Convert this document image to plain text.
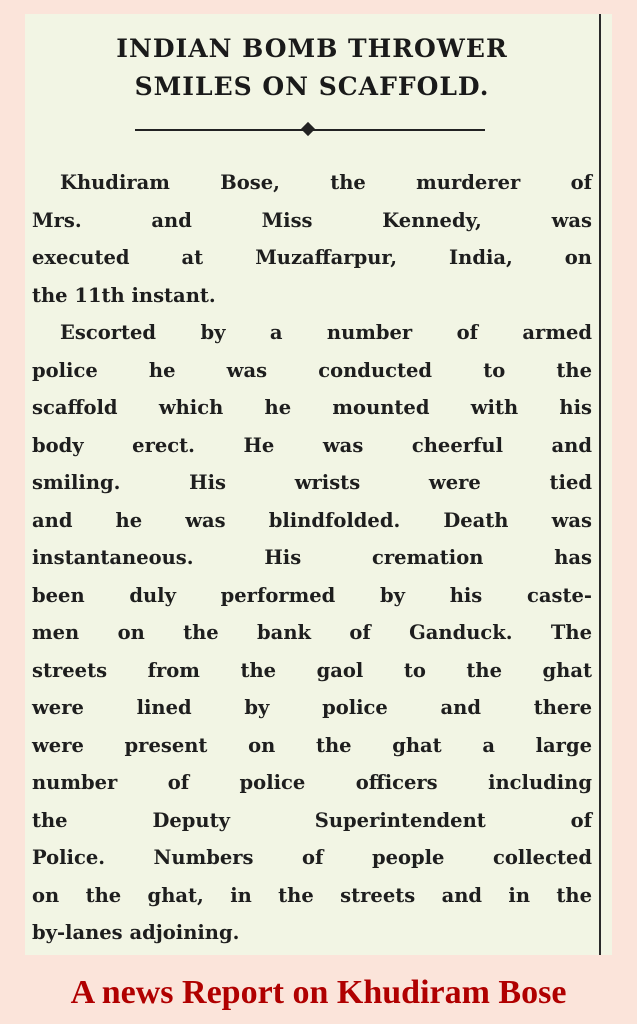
INDIAN BOMB THROWER
SMILES ON SCAFFOLD.
Khudiram Bose, the murderer of
Mrs. and Miss Kennedy, was
executed at Muzaffarpur, India, on
the 11th instant.
Escorted by a number of armed
police he was conducted to the
scaffold which he mounted with his
body erect. He was cheerful and
smiling. His wrists were tied
and he was blindfolded. Death was
instantaneous. His cremation has
been duly performed by his caste-
men on the bank of Ganduck. The
streets from the gaol to the ghat
were lined by police and there
were present on the ghat a large
number of police officers including
the Deputy Superintendent of
Police. Numbers of people collected
on the ghat, in the streets and in the
by-lanes adjoining.
A news Report on Khudiram Bose
